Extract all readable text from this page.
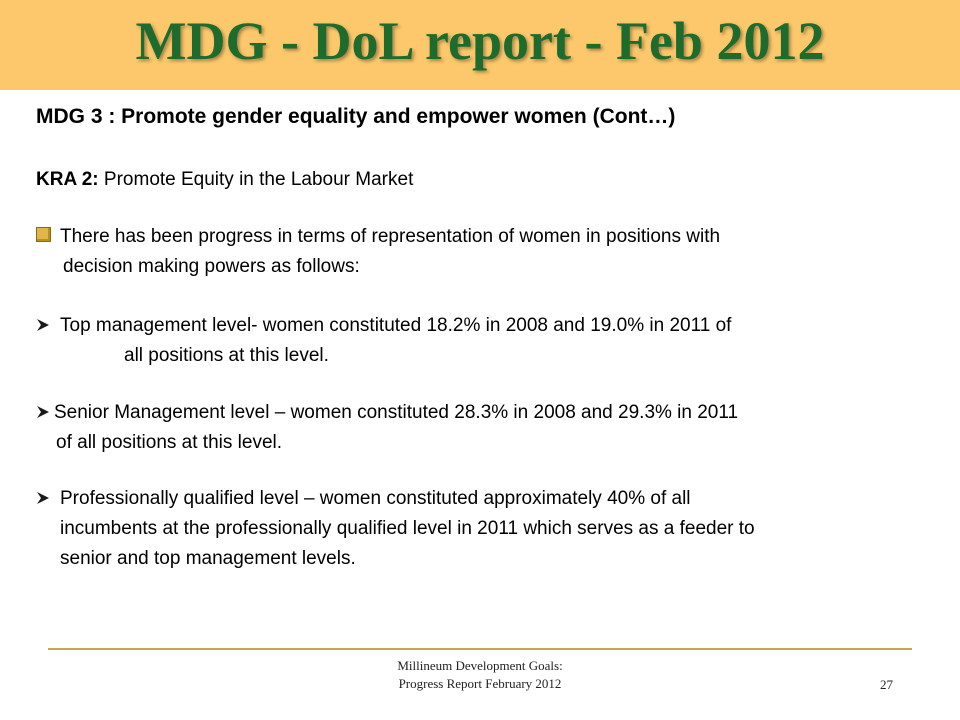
MDG - DoL report - Feb 2012
MDG 3 : Promote gender equality and empower women (Cont…)
KRA 2: Promote Equity in the Labour Market
There has been progress in terms of representation of women in positions with
decision making powers as follows:
Top management level- women constituted 18.2% in 2008 and 19.0% in 2011 of
all positions at this level.
Senior Management level – women constituted 28.3% in 2008 and 29.3% in 2011
of all positions at this level.
Professionally qualified level – women constituted approximately 40% of all
incumbents at the professionally qualified level in 2011 which serves as a feeder to
senior and top management levels.
Millineum Development Goals:
Progress Report February 2012	27
